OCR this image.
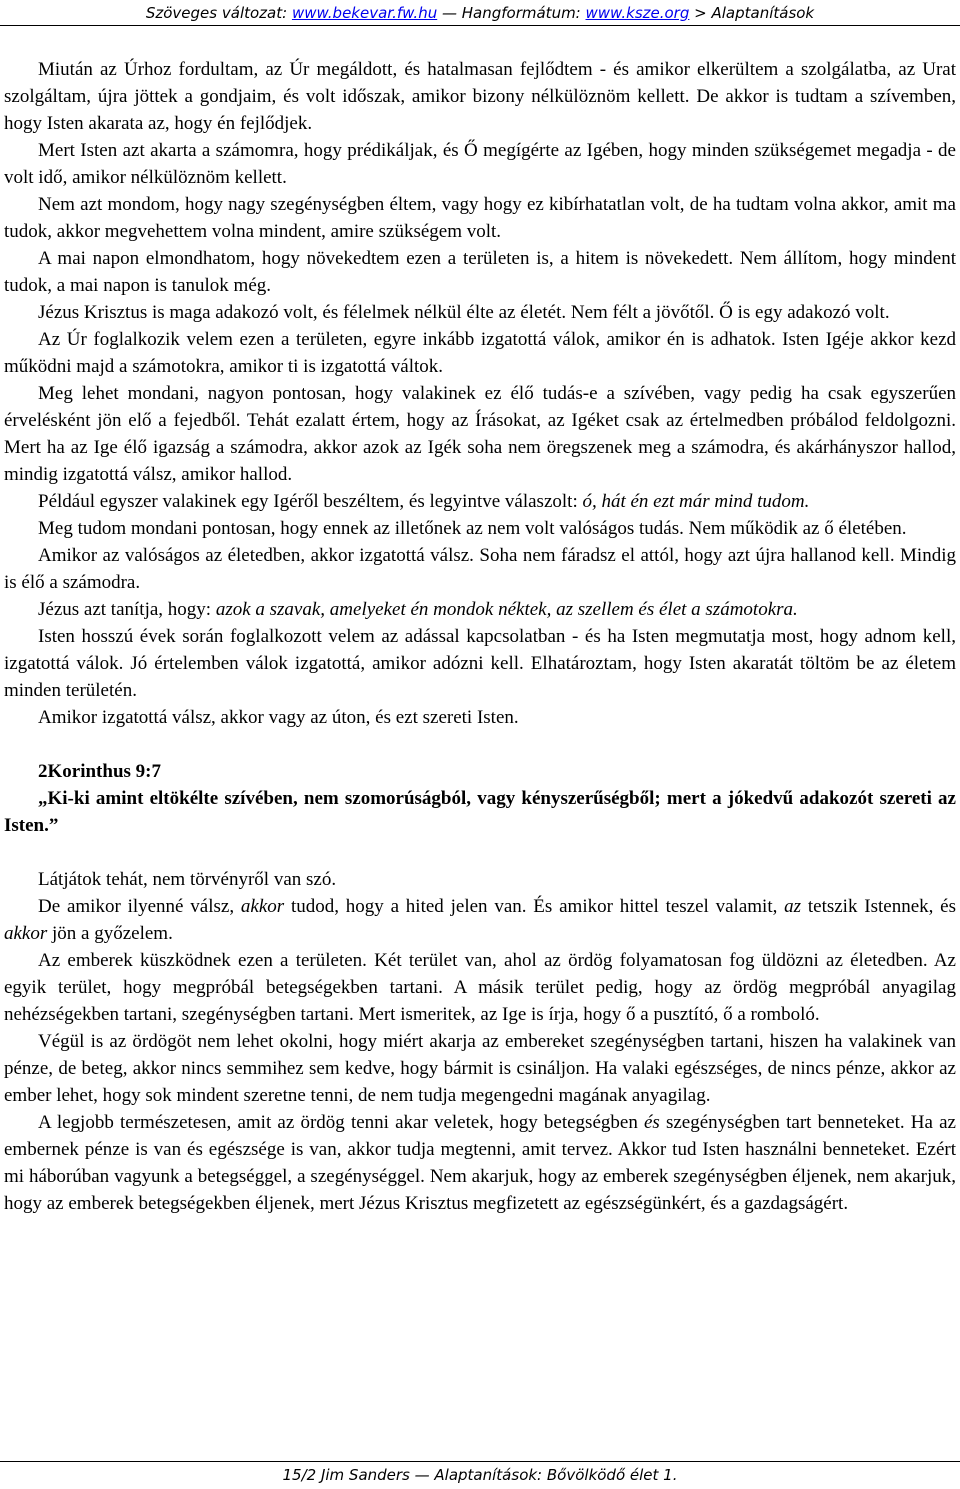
Szöveges változat: www.bekevar.fw.hu — Hangformátum: www.ksze.org > Alaptanítások

Miután az Úrhoz fordultam, az Úr megáldott, és hatalmasan fejlődtem - és amikor elkerültem a szolgálatba, az Urat szolgáltam, újra jöttek a gondjaim, és volt időszak, amikor bizony nélkülöznöm kellett. De akkor is tudtam a szívemben, hogy Isten akarata az, hogy én fejlődjek.

Mert Isten azt akarta a számomra, hogy prédikáljak, és Ő megígérte az Igében, hogy minden szükségemet megadja - de volt idő, amikor nélkülöznöm kellett.

Nem azt mondom, hogy nagy szegénységben éltem, vagy hogy ez kibírhatatlan volt, de ha tudtam volna akkor, amit ma tudok, akkor megvehettem volna mindent, amire szükségem volt.

A mai napon elmondhatom, hogy növekedtem ezen a területen is, a hitem is növekedett. Nem állítom, hogy mindent tudok, a mai napon is tanulok még.

Jézus Krisztus is maga adakozó volt, és félelmek nélkül élte az életét. Nem félt a jövőtől. Ő is egy adakozó volt.

Az Úr foglalkozik velem ezen a területen, egyre inkább izgatottá válok, amikor én is adhatok. Isten Igéje akkor kezd működni majd a számotokra, amikor ti is izgatottá váltok.

Meg lehet mondani, nagyon pontosan, hogy valakinek ez élő tudás-e a szívében, vagy pedig ha csak egyszerűen érvelésként jön elő a fejedből. Tehát ezalatt értem, hogy az Írásokat, az Igéket csak az értelmedben próbálod feldolgozni. Mert ha az Ige élő igazság a számodra, akkor azok az Igék soha nem öregszenek meg a számodra, és akárhányszor hallod, mindig izgatottá válsz, amikor hallod.

Például egyszer valakinek egy Igéről beszéltem, és legyintve válaszolt: ó, hát én ezt már mind tudom.

Meg tudom mondani pontosan, hogy ennek az illetőnek az nem volt valóságos tudás. Nem működik az ő életében.

Amikor az valóságos az életedben, akkor izgatottá válsz. Soha nem fáradsz el attól, hogy azt újra hallanod kell. Mindig is élő a számodra.

Jézus azt tanítja, hogy: azok a szavak, amelyeket én mondok néktek, az szellem és élet a számotokra.

Isten hosszú évek során foglalkozott velem az adással kapcsolatban - és ha Isten megmutatja most, hogy adnom kell, izgatottá válok. Jó értelemben válok izgatottá, amikor adózni kell. Elhatároztam, hogy Isten akaratát töltöm be az életem minden területén.

Amikor izgatottá válsz, akkor vagy az úton, és ezt szereti Isten.

2Korinthus 9:7

„Ki-ki amint eltökélte szívében, nem szomorúságból, vagy kényszerűségből; mert a jókedvű adakozót szereti az Isten.”

Látjátok tehát, nem törvényről van szó.

De amikor ilyenné válsz, akkor tudod, hogy a hited jelen van. És amikor hittel teszel valamit, az tetszik Istennek, és akkor jön a győzelem.

Az emberek küszködnek ezen a területen. Két terület van, ahol az ördög folyamatosan fog üldözni az életedben. Az egyik terület, hogy megpróbál betegségekben tartani. A másik terület pedig, hogy az ördög megpróbál anyagilag nehézségekben tartani, szegénységben tartani. Mert ismeritek, az Ige is írja, hogy ő a pusztító, ő a romboló.

Végül is az ördögöt nem lehet okolni, hogy miért akarja az embereket szegénységben tartani, hiszen ha valakinek van pénze, de beteg, akkor nincs semmihez sem kedve, hogy bármit is csináljon. Ha valaki egészséges, de nincs pénze, akkor az ember lehet, hogy sok mindent szeretne tenni, de nem tudja megengedni magának anyagilag.

A legjobb természetesen, amit az ördög tenni akar veletek, hogy betegségben és szegénységben tart benneteket. Ha az embernek pénze is van és egészsége is van, akkor tudja megtenni, amit tervez. Akkor tud Isten használni benneteket. Ezért mi háborúban vagyunk a betegséggel, a szegénységgel. Nem akarjuk, hogy az emberek szegénységben éljenek, nem akarjuk, hogy az emberek betegségekben éljenek, mert Jézus Krisztus megfizetett az egészségünkért, és a gazdagságért.

15/2 Jim Sanders — Alaptanítások: Bővölködő élet 1.
